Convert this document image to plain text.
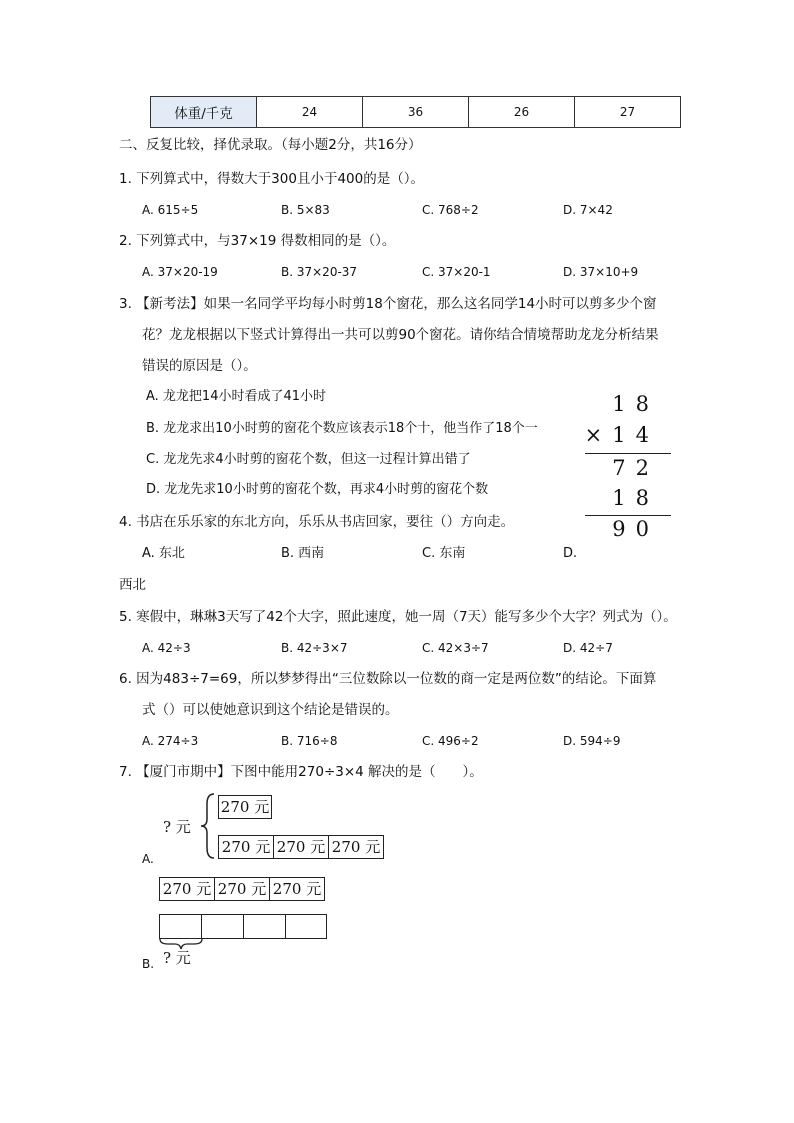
体重/千克	24	36	26	27
二、反复比较，择优录取。（每小题2分，共16分）
1. 下列算式中，得数大于300且小于400的是（）。
A. 615÷5	B. 5×83	C. 768÷2	D. 7×42
2. 下列算式中，与37×19 得数相同的是（）。
A. 37×20-19	B. 37×20-37	C. 37×20-1	D. 37×10+9
3. 【新考法】如果一名同学平均每小时剪18个窗花，那么这名同学14小时可以剪多少个窗
花？龙龙根据以下竖式计算得出一共可以剪90个窗花。请你结合情境帮助龙龙分析结果
错误的原因是（）。
A. 龙龙把14小时看成了41小时
B. 龙龙求出10小时剪的窗花个数应该表示18个十，他当作了18个一
C. 龙龙先求4小时剪的窗花个数，但这一过程计算出错了
D. 龙龙先求10小时剪的窗花个数，再求4小时剪的窗花个数
18
×14
72
18
90
4. 书店在乐乐家的东北方向，乐乐从书店回家，要往（）方向走。
A. 东北	B. 西南	C. 东南	D.
西北
5. 寒假中，琳琳3天写了42个大字，照此速度，她一周（7天）能写多少个大字？列式为（）。
A. 42÷3	B. 42÷3×7	C. 42×3÷7	D. 42÷7
6. 因为483÷7=69，所以梦梦得出“三位数除以一位数的商一定是两位数”的结论。下面算
式（）可以使她意识到这个结论是错误的。
A. 274÷3	B. 716÷8	C. 496÷2	D. 594÷9
7. 【厦门市期中】下图中能用270÷3×4 解决的是（　　）。
? 元
270 元
270 元 270 元 270 元
A.
270 元 270 元 270 元
? 元
B.
